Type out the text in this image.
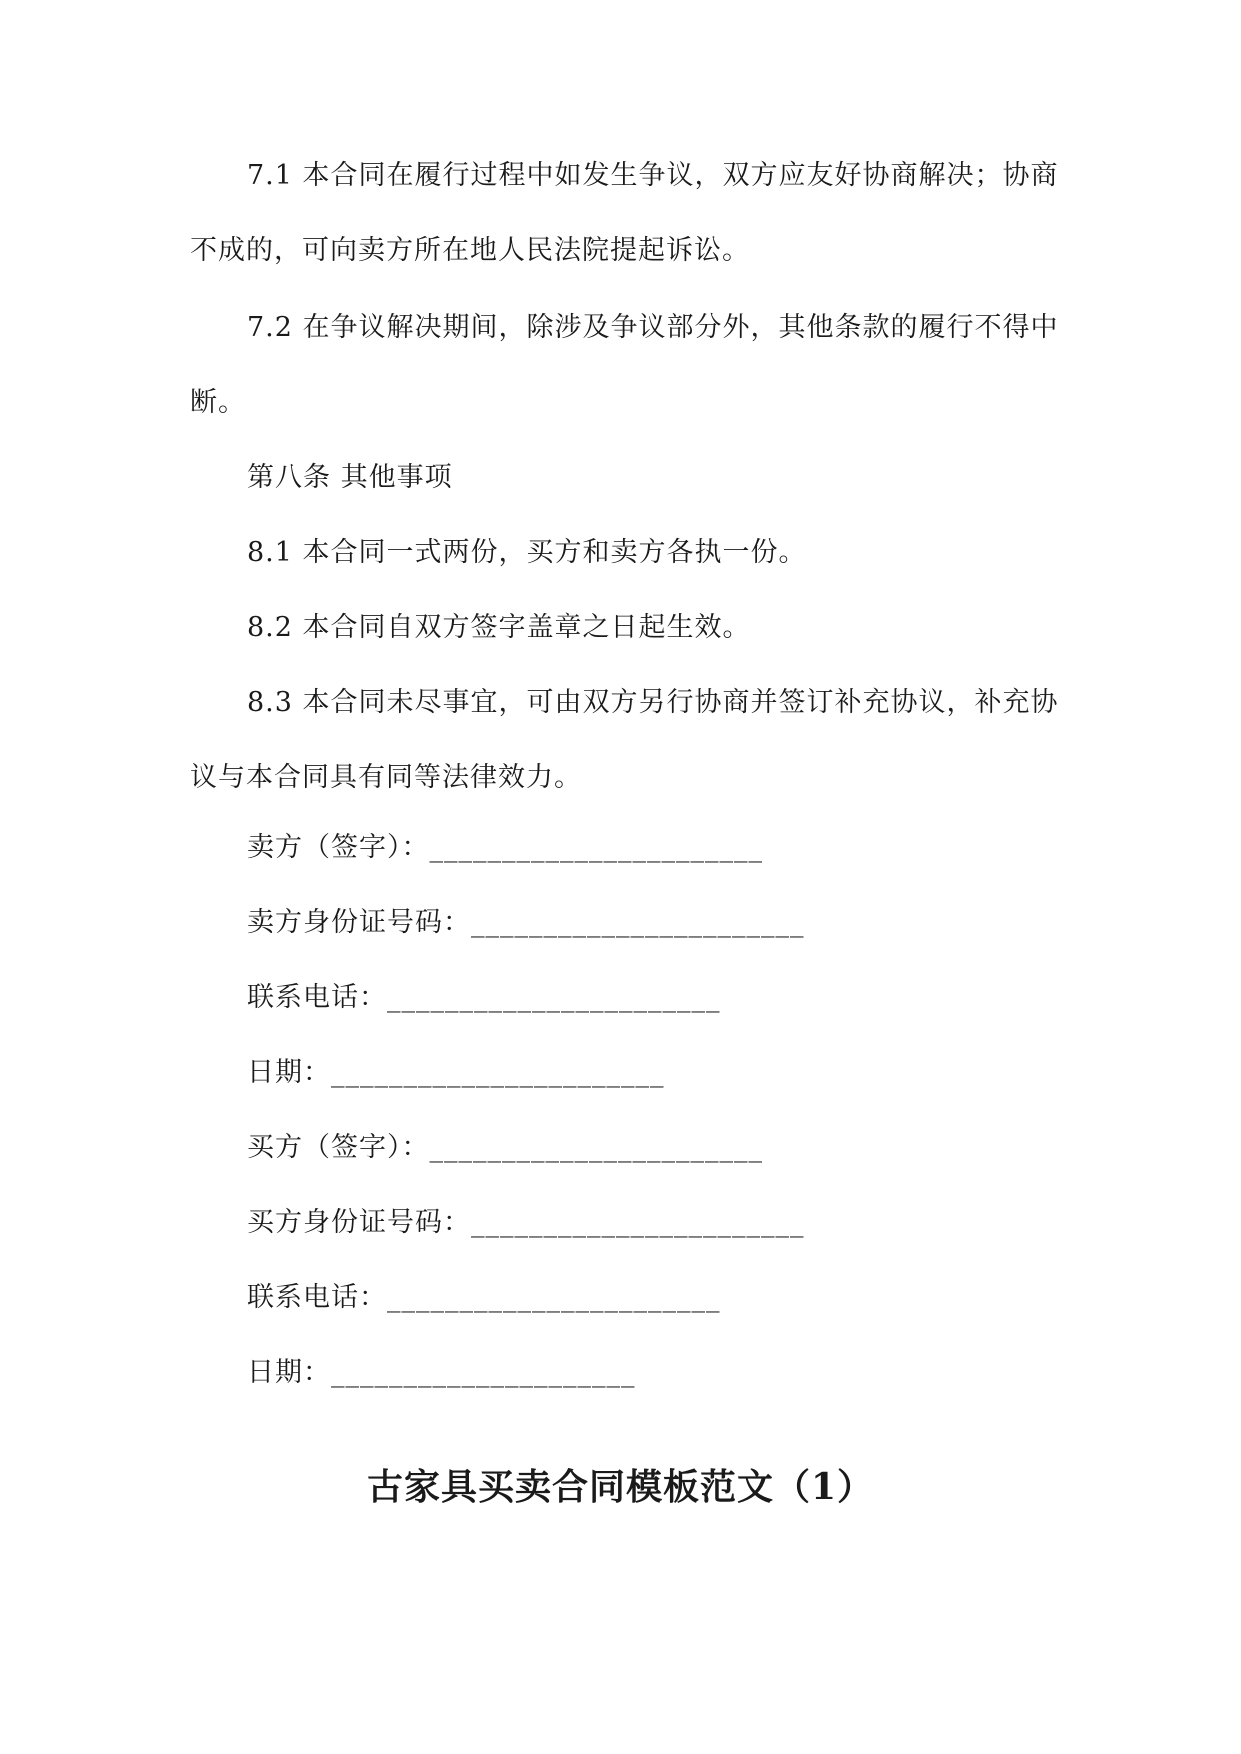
7.1 本合同在履行过程中如发生争议，双方应友好协商解决；协商不成的，可向卖方所在地人民法院提起诉讼。

7.2 在争议解决期间，除涉及争议部分外，其他条款的履行不得中断。

第八条 其他事项

8.1 本合同一式两份，买方和卖方各执一份。

8.2 本合同自双方签字盖章之日起生效。

8.3 本合同未尽事宜，可由双方另行协商并签订补充协议，补充协议与本合同具有同等法律效力。

卖方（签字）：_______________________

卖方身份证号码：_______________________

联系电话：_______________________

日期：_______________________

买方（签字）：_______________________

买方身份证号码：_______________________

联系电话：_______________________

日期：_____________________

古家具买卖合同模板范文（1）
